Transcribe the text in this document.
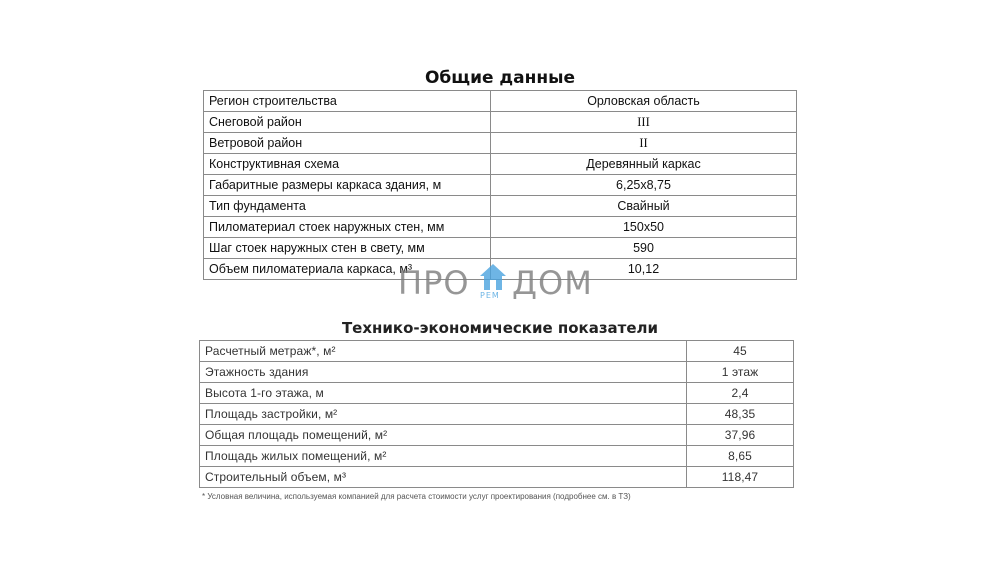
Общие данные
Регион строительства	Орловская область
Снеговой район	III
Ветровой район	II
Конструктивная схема	Деревянный каркас
Габаритные размеры каркаса здания, м	6,25х8,75
Тип фундамента	Свайный
Пиломатериал стоек наружных стен, мм	150х50
Шаг стоек наружных стен в свету, мм	590
Объем пиломатериала каркаса, м³	10,12
ПРО РЕМ ДОМ
Технико-экономические показатели
Расчетный метраж*, м²	45
Этажность здания	1 этаж
Высота 1-го этажа, м	2,4
Площадь застройки, м²	48,35
Общая площадь помещений, м²	37,96
Площадь жилых помещений, м²	8,65
Строительный объем, м³	118,47
* Условная величина, используемая компанией для расчета стоимости услуг проектирования (подробнее см. в ТЗ)
